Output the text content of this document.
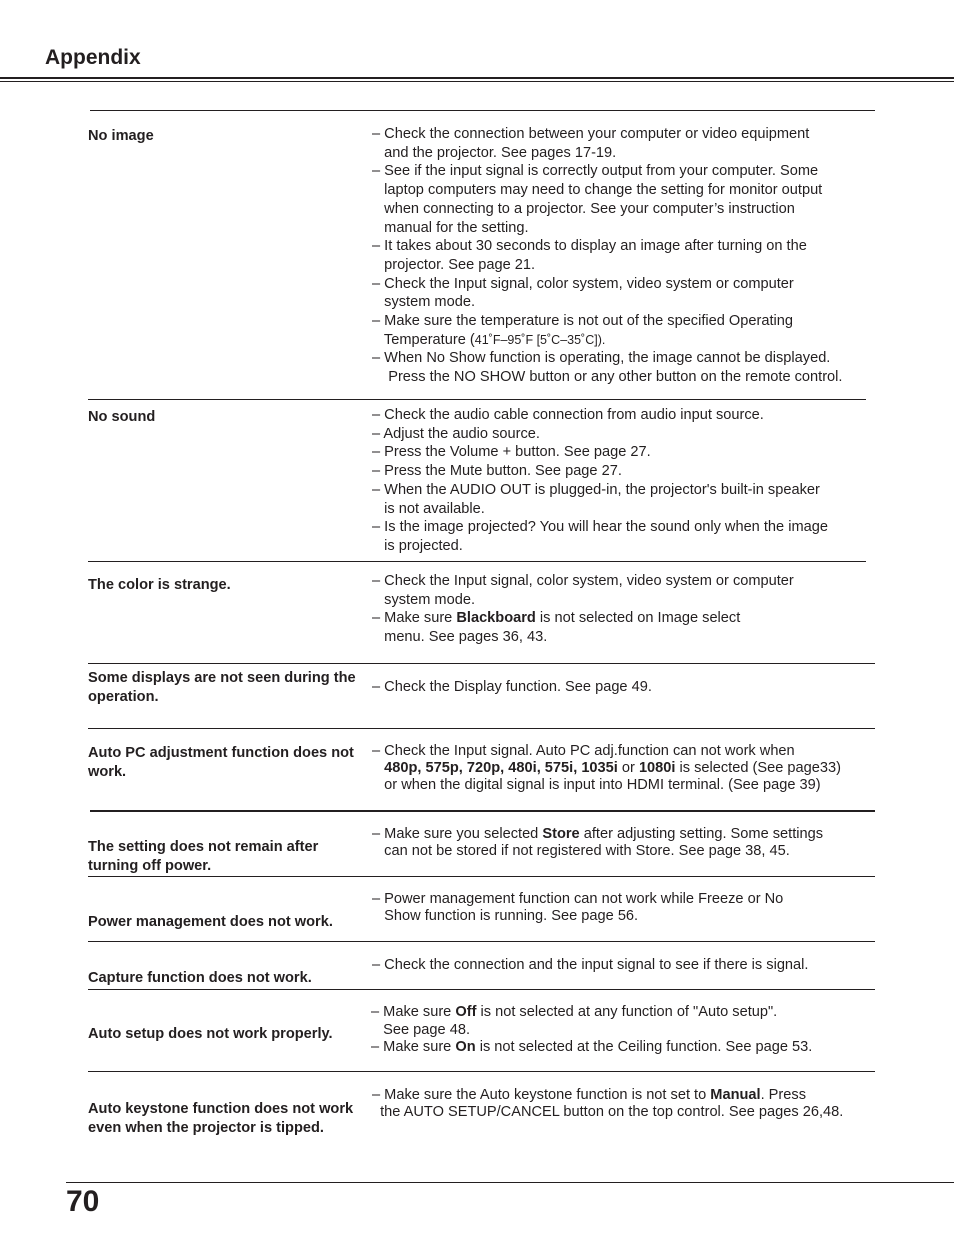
Appendix
No image	– Check the connection between your computer or video equipment
and the projector. See pages 17-19.
– See if the input signal is correctly output from your computer. Some
laptop computers may need to change the setting for monitor output
when connecting to a projector. See your computer’s instruction
manual for the setting.
– It takes about 30 seconds to display an image after turning on the
projector. See page 21.
– Check the Input signal, color system, video system or computer
system mode.
– Make sure the temperature is not out of the specified Operating
Temperature (41˚F–95˚F [5˚C–35˚C]).
– When No Show function is operating, the image cannot be displayed.
Press the NO SHOW button or any other button on the remote control.
No sound	– Check the audio cable connection from audio input source.
– Adjust the audio source.
– Press the Volume + button. See page 27.
– Press the Mute button. See page 27.
– When the AUDIO OUT is plugged-in, the projector's built-in speaker
is not available.
– Is the image projected? You will hear the sound only when the image
is projected.
The color is strange.	– Check the Input signal, color system, video system or computer
system mode.
– Make sure Blackboard is not selected on Image select
menu. See pages 36, 43.
Some displays are not seen during the operation.
– Check the Display function. See page 49.
Auto PC adjustment function does not work.
– Check the Input signal. Auto PC adj.function can not work when
480p, 575p, 720p, 480i, 575i, 1035i or 1080i is selected (See page33)
or when the digital signal is input into HDMI terminal. (See page 39)
The setting does not remain after turning off power.
– Make sure you selected Store after adjusting setting. Some settings
can not be stored if not registered with Store. See page 38, 45.
Power management does not work.
– Power management function can not work while Freeze or No
Show function is running. See page 56.
Capture function does not work.
– Check the connection and the input signal to see if there is signal.
Auto setup does not work properly.
– Make sure Off is not selected at any function of "Auto setup".
See page 48.
– Make sure On is not selected at the Ceiling function. See page 53.
Auto keystone function does not work even when the projector is tipped.
– Make sure the Auto keystone function is not set to Manual. Press
the AUTO SETUP/CANCEL button on the top control. See pages 26,48.
70
